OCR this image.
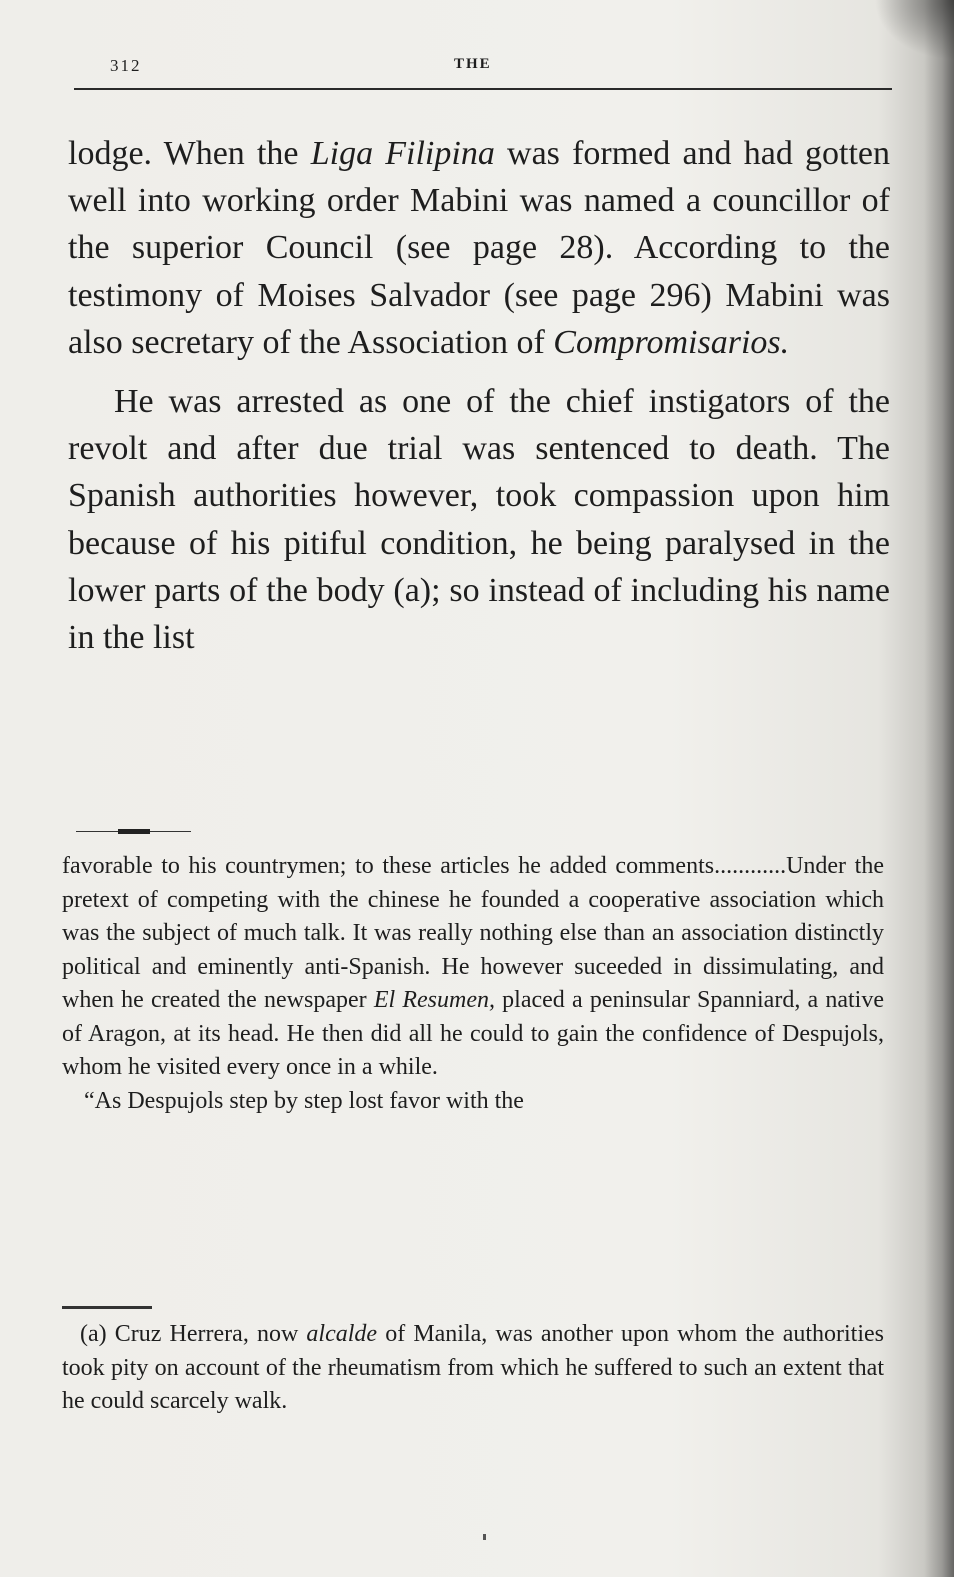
312	THE

lodge. When the Liga Filipina was formed and had gotten well into working order Mabini was named a councillor of the superior Council (see page 28). According to the testimony of Moises Salvador (see page 296) Mabini was also secretary of the Association of Compromisarios.

He was arrested as one of the chief instigators of the revolt and after due trial was sentenced to death. The Spanish authorities however, took compassion upon him because of his pitiful condition, he being paralysed in the lower parts of the body (a); so instead of including his name in the list

favorable to his countrymen; to these articles he added comments............Under the pretext of competing with the chinese he founded a cooperative association which was the subject of much talk. It was really nothing else than an association distinctly political and eminently anti-Spanish. He however suceeded in dissimulating, and when he created the newspaper El Resumen, placed a peninsular Spanniard, a native of Aragon, at its head. He then did all he could to gain the confidence of Despujols, whom he visited every once in a while.

“As Despujols step by step lost favor with the

(a) Cruz Herrera, now alcalde of Manila, was another upon whom the authorities took pity on account of the rheumatism from which he suffered to such an extent that he could scarcely walk.
